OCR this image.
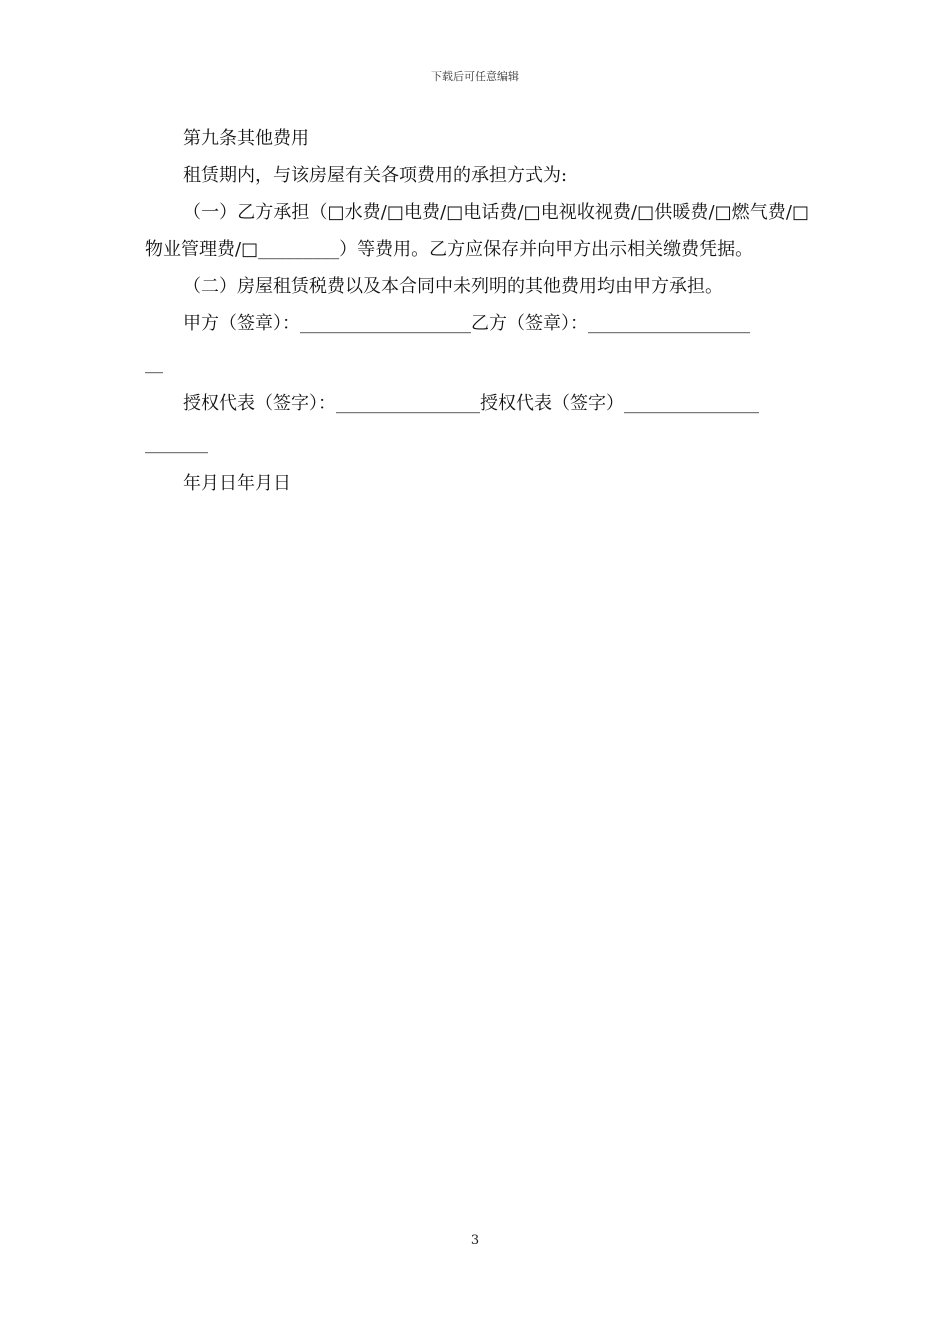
下载后可任意编辑

第九条其他费用

租赁期内，与该房屋有关各项费用的承担方式为:

（一）乙方承担（□水费/□电费/□电话费/□电视收视费/□供暖费/□燃气费/□物业管理费/□_________）等费用。乙方应保存并向甲方出示相关缴费凭据。

（二）房屋租赁税费以及本合同中未列明的其他费用均由甲方承担。

甲方（签章）：___________________乙方（签章）：__________________

__

授权代表（签字）：________________授权代表（签字）_______________

_______

年月日年月日

3
